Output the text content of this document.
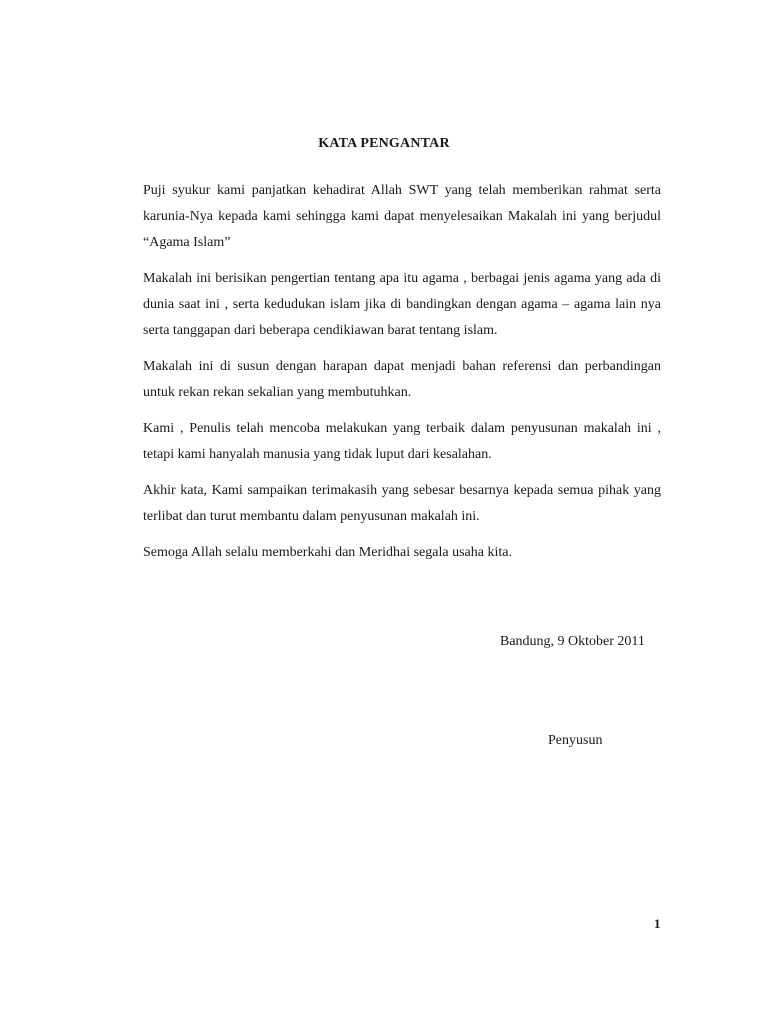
KATA PENGANTAR

Puji syukur kami panjatkan kehadirat Allah SWT yang telah memberikan rahmat serta karunia-Nya kepada kami sehingga kami dapat menyelesaikan Makalah ini yang berjudul “Agama Islam”

Makalah ini berisikan pengertian tentang apa itu agama , berbagai jenis agama yang ada di dunia saat ini , serta kedudukan islam jika di bandingkan dengan agama – agama lain nya serta tanggapan dari beberapa cendikiawan barat tentang islam.

Makalah ini di susun dengan harapan dapat menjadi bahan referensi dan perbandingan untuk rekan rekan sekalian yang membutuhkan.

Kami , Penulis telah mencoba melakukan yang terbaik dalam penyusunan makalah ini , tetapi kami hanyalah manusia yang tidak luput dari kesalahan.

Akhir kata, Kami sampaikan terimakasih yang sebesar besarnya kepada semua pihak yang terlibat dan turut membantu dalam penyusunan makalah ini.

Semoga Allah selalu memberkahi dan Meridhai segala usaha kita.

Bandung, 9 Oktober 2011

Penyusun

1
